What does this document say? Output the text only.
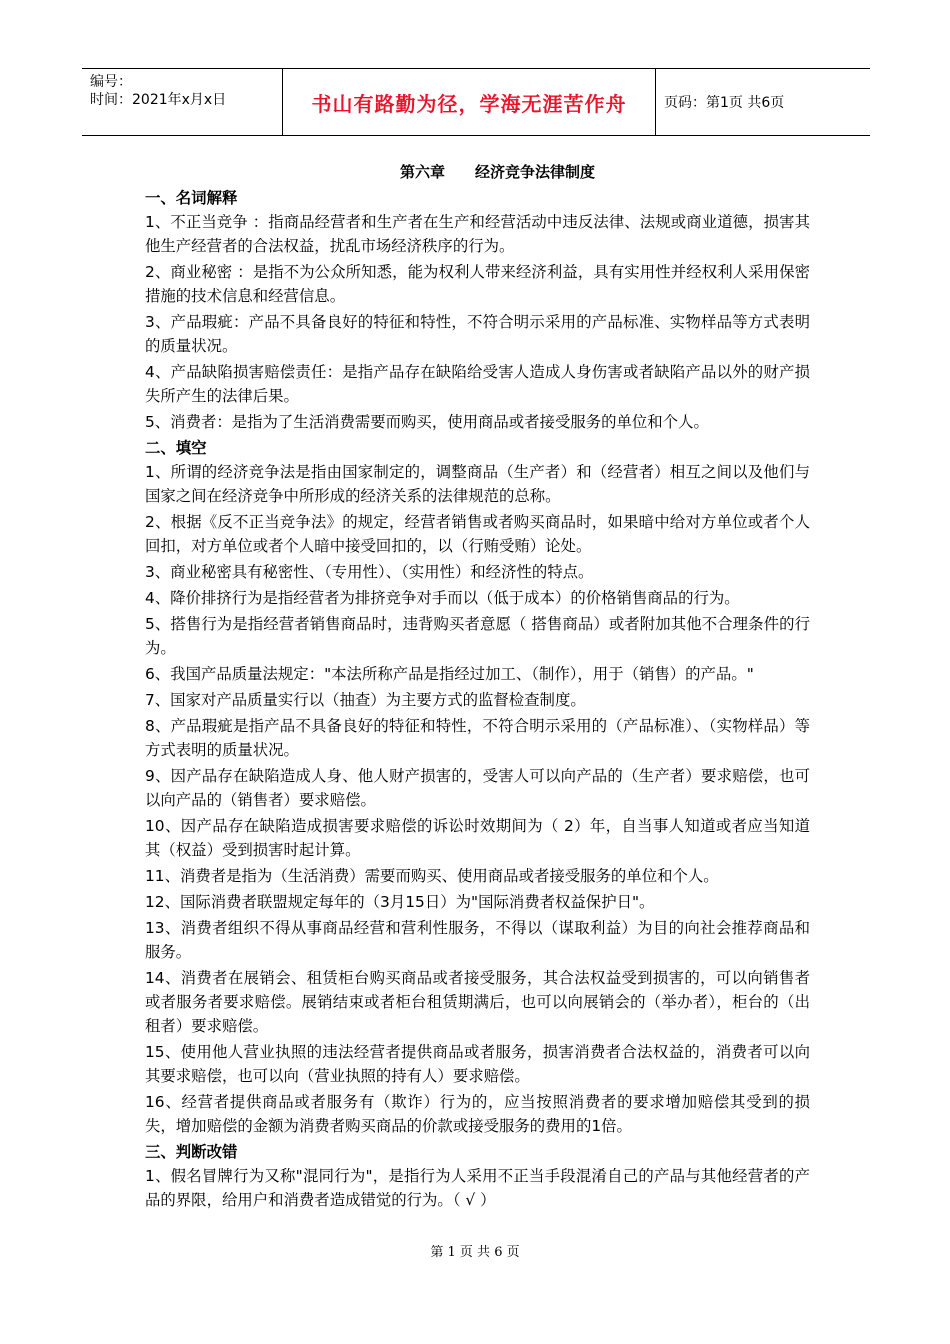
编号：
时间：2021年x月x日	书山有路勤为径，学海无涯苦作舟	页码：第1页 共6页
第六章　　经济竞争法律制度
一、名词解释
1、不正当竞争 ：指商品经营者和生产者在生产和经营活动中违反法律、法规或商业道德，损害其他生产经营者的合法权益，扰乱市场经济秩序的行为。
2、商业秘密 ：是指不为公众所知悉，能为权利人带来经济利益，具有实用性并经权利人采用保密措施的技术信息和经营信息。
3、产品瑕疵：产品不具备良好的特征和特性，不符合明示采用的产品标准、实物样品等方式表明的质量状况。
4、产品缺陷损害赔偿责任：是指产品存在缺陷给受害人造成人身伤害或者缺陷产品以外的财产损失所产生的法律后果。
5、消费者：是指为了生活消费需要而购买，使用商品或者接受服务的单位和个人。
二、填空
1、所谓的经济竞争法是指由国家制定的，调整商品（生产者）和（经营者）相互之间以及他们与国家之间在经济竞争中所形成的经济关系的法律规范的总称。
2、根据《反不正当竞争法》的规定，经营者销售或者购买商品时，如果暗中给对方单位或者个人回扣，对方单位或者个人暗中接受回扣的，以（行贿受贿）论处。
3、商业秘密具有秘密性、（专用性）、（实用性）和经济性的特点。
4、降价排挤行为是指经营者为排挤竞争对手而以（低于成本）的价格销售商品的行为。
5、搭售行为是指经营者销售商品时，违背购买者意愿（ 搭售商品）或者附加其他不合理条件的行为。
6、我国产品质量法规定："本法所称产品是指经过加工、（制作），用于（销售）的产品。"
7、国家对产品质量实行以（抽查）为主要方式的监督检查制度。
8、产品瑕疵是指产品不具备良好的特征和特性，不符合明示采用的（产品标准）、（实物样品）等方式表明的质量状况。
9、因产品存在缺陷造成人身、他人财产损害的，受害人可以向产品的（生产者）要求赔偿，也可以向产品的（销售者）要求赔偿。
10、因产品存在缺陷造成损害要求赔偿的诉讼时效期间为（ 2）年，自当事人知道或者应当知道其（权益）受到损害时起计算。
11、消费者是指为（生活消费）需要而购买、使用商品或者接受服务的单位和个人。
12、国际消费者联盟规定每年的（3月15日）为"国际消费者权益保护日"。
13、消费者组织不得从事商品经营和营利性服务，不得以（谋取利益）为目的向社会推荐商品和服务。
14、消费者在展销会、租赁柜台购买商品或者接受服务，其合法权益受到损害的，可以向销售者或者服务者要求赔偿。展销结束或者柜台租赁期满后，也可以向展销会的（举办者），柜台的（出租者）要求赔偿。
15、使用他人营业执照的违法经营者提供商品或者服务，损害消费者合法权益的，消费者可以向其要求赔偿，也可以向（营业执照的持有人）要求赔偿。
16、经营者提供商品或者服务有（欺诈）行为的，应当按照消费者的要求增加赔偿其受到的损失，增加赔偿的金额为消费者购买商品的价款或接受服务的费用的1倍。
三、判断改错
1、假名冒牌行为又称"混同行为"，是指行为人采用不正当手段混淆自己的产品与其他经营者的产品的界限，给用户和消费者造成错觉的行为。（ √ ）
第 1 页 共 6 页
